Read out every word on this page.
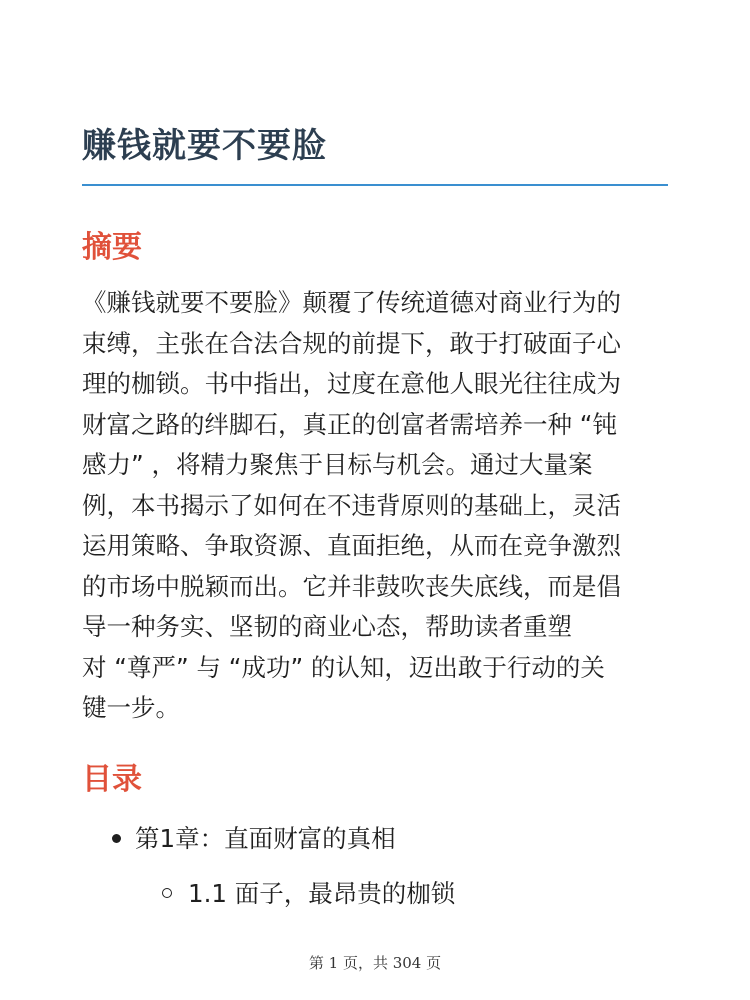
赚钱就要不要脸
摘要

《赚钱就要不要脸》颠覆了传统道德对商业行为的
束缚，主张在合法合规的前提下，敢于打破面子心
理的枷锁。书中指出，过度在意他人眼光往往成为
财富之路的绊脚石，真正的创富者需培养一种 “钝
感力” ，将精力聚焦于目标与机会。通过大量案
例，本书揭示了如何在不违背原则的基础上，灵活
运用策略、争取资源、直面拒绝，从而在竞争激烈
的市场中脱颖而出。它并非鼓吹丧失底线，而是倡
导一种务实、坚韧的商业心态，帮助读者重塑
对 “尊严” 与 “成功” 的认知，迈出敢于行动的关
键一步。

目录
第1章：直面财富的真相
1.1 面子，最昂贵的枷锁
第 1 页，共 304 页
